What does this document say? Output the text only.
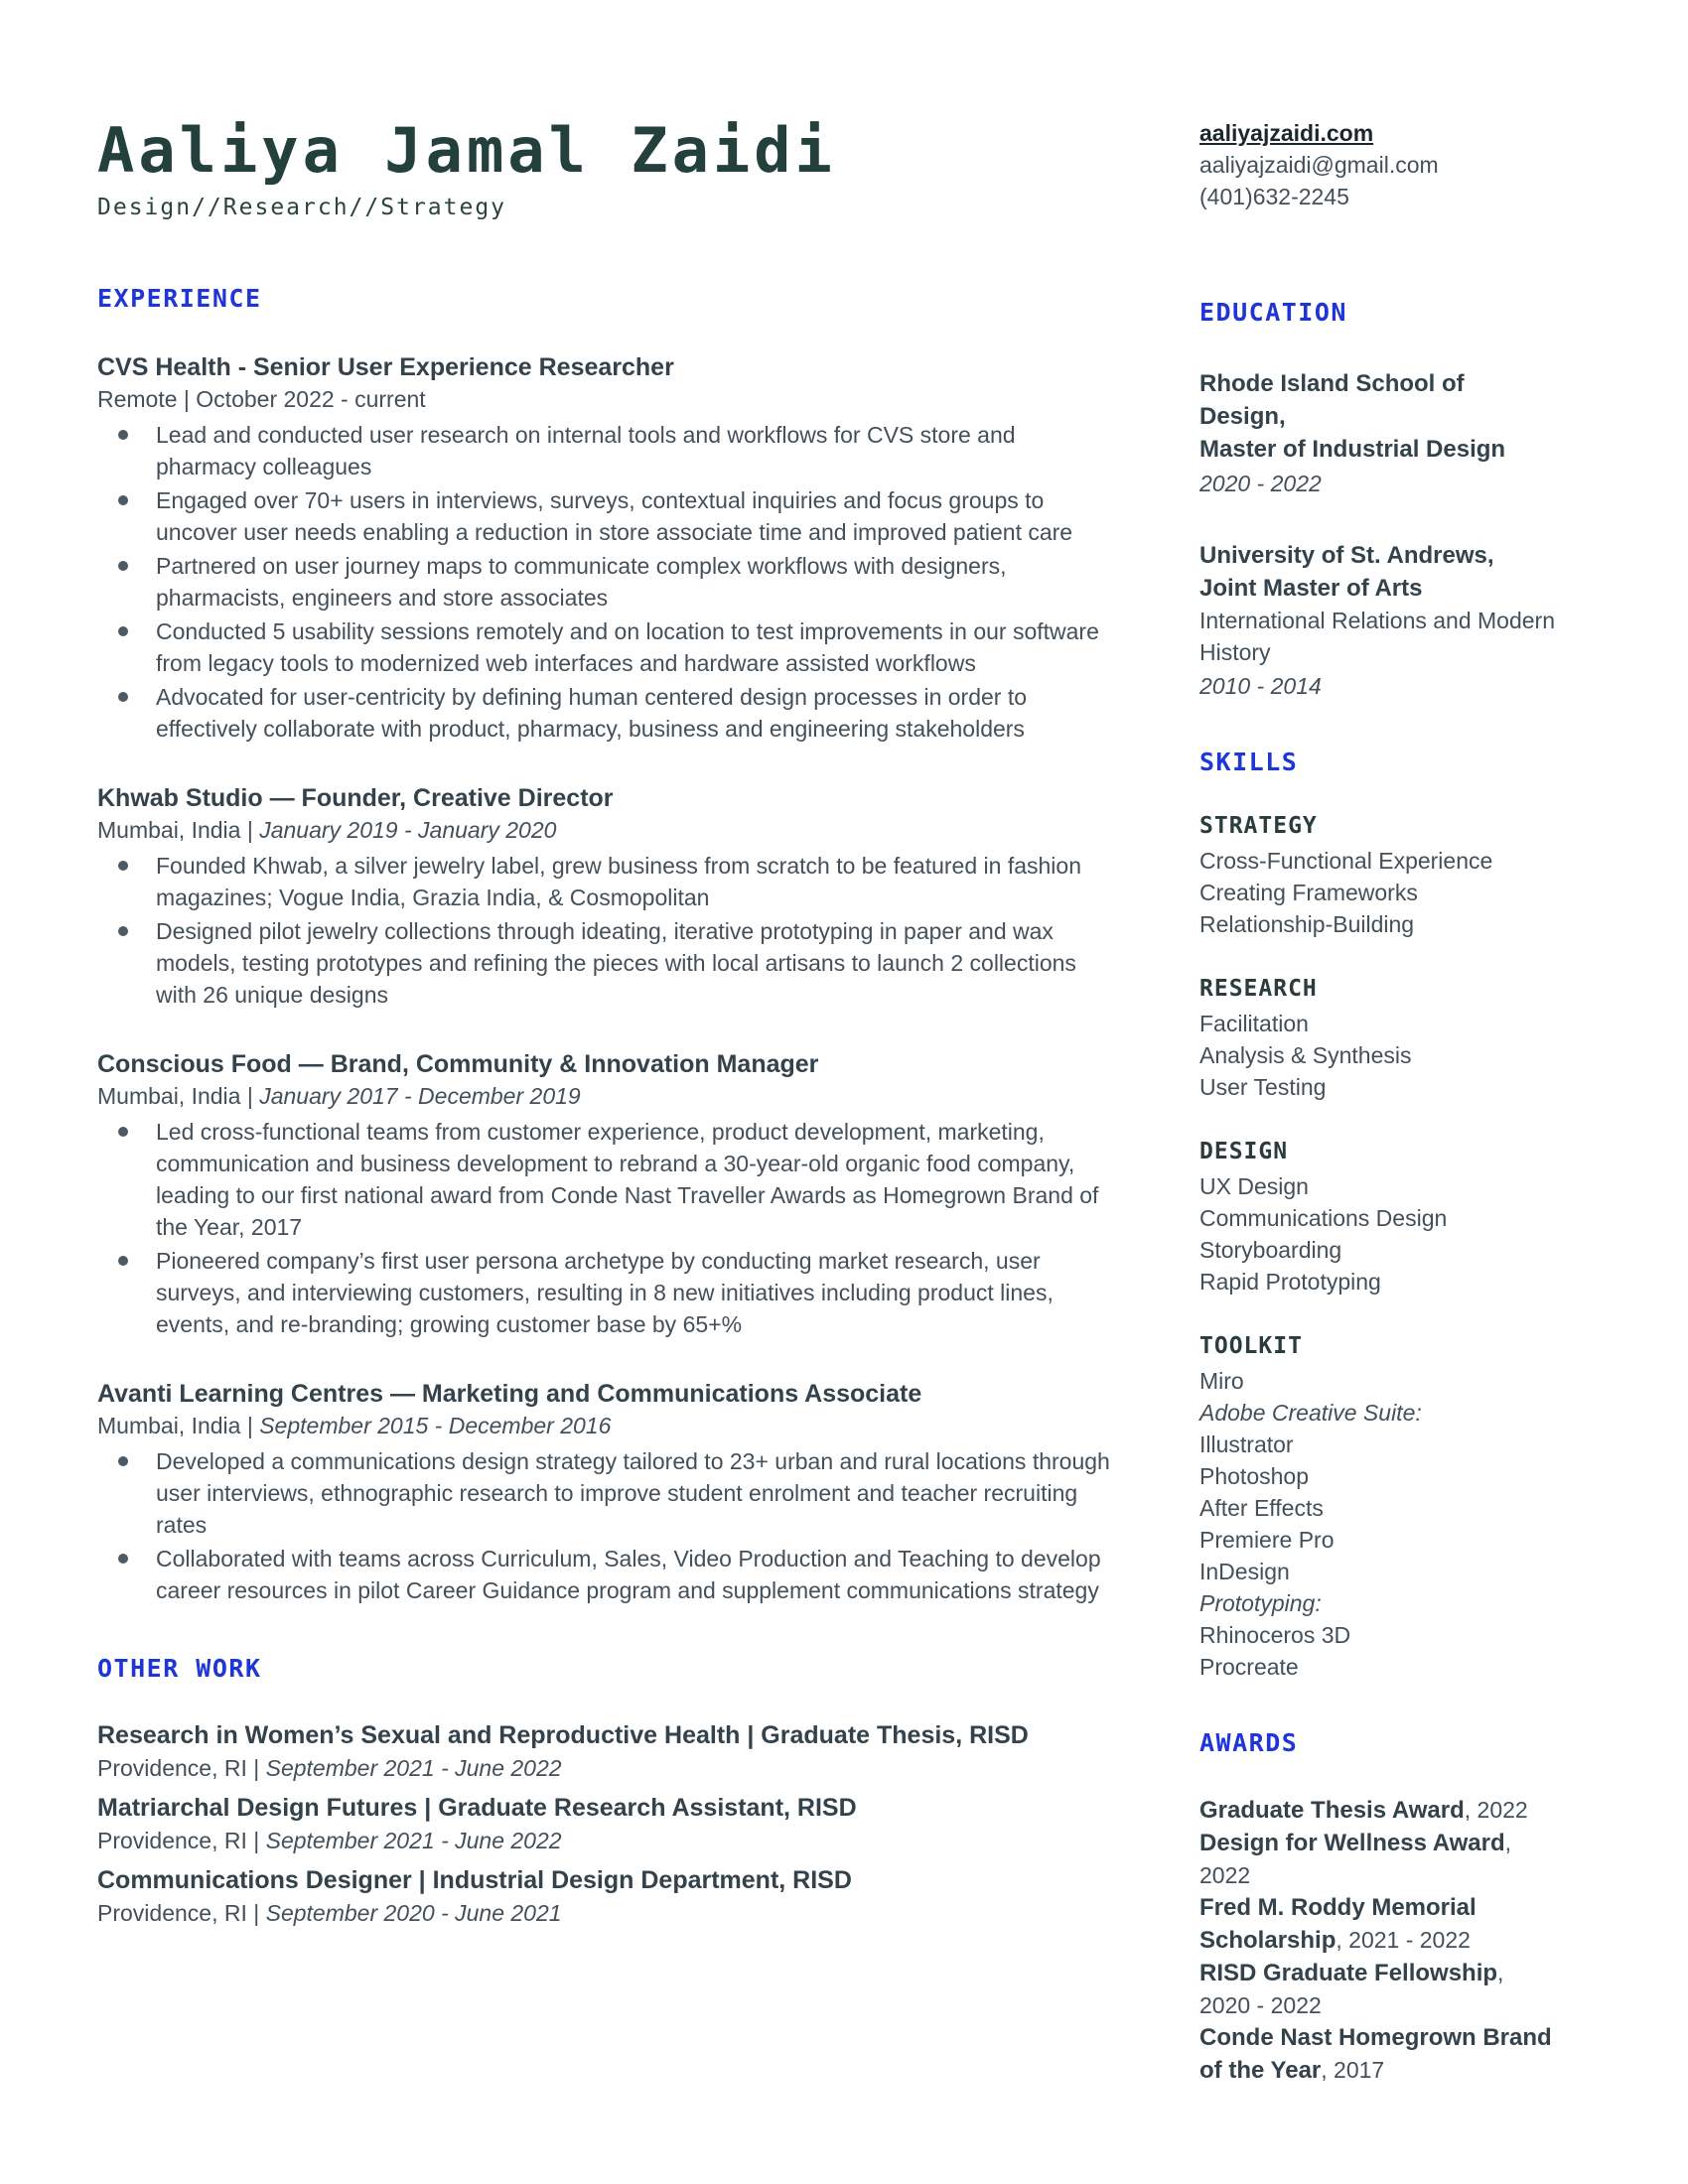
Aaliya Jamal Zaidi
Design//Research//Strategy
EXPERIENCE
CVS Health - Senior User Experience Researcher
Remote | October 2022 - current
Lead and conducted user research on internal tools and workflows for CVS store and pharmacy colleagues
Engaged over 70+ users in interviews, surveys, contextual inquiries and focus groups to uncover user needs enabling a reduction in store associate time and improved patient care
Partnered on user journey maps to communicate complex workflows with designers, pharmacists, engineers and store associates
Conducted 5 usability sessions remotely and on location to test improvements in our software from legacy tools to modernized web interfaces and hardware assisted workflows
Advocated for user-centricity by defining human centered design processes in order to effectively collaborate with product, pharmacy, business and engineering stakeholders
Khwab Studio — Founder, Creative Director
Mumbai, India | January 2019 - January 2020
Founded Khwab, a silver jewelry label, grew business from scratch to be featured in fashion magazines; Vogue India, Grazia India, & Cosmopolitan
Designed pilot jewelry collections through ideating, iterative prototyping in paper and wax models, testing prototypes and refining the pieces with local artisans to launch 2 collections with 26 unique designs
Conscious Food — Brand, Community & Innovation Manager
Mumbai, India | January 2017 - December 2019
Led cross-functional teams from customer experience, product development, marketing, communication and business development to rebrand a 30-year-old organic food company, leading to our first national award from Conde Nast Traveller Awards as Homegrown Brand of the Year, 2017
Pioneered company’s first user persona archetype by conducting market research, user surveys, and interviewing customers, resulting in 8 new initiatives including product lines, events, and re-branding; growing customer base by 65+%
Avanti Learning Centres — Marketing and Communications Associate
Mumbai, India | September 2015 - December 2016
Developed a communications design strategy tailored to 23+ urban and rural locations through user interviews, ethnographic research to improve student enrolment and teacher recruiting rates
Collaborated with teams across Curriculum, Sales, Video Production and Teaching to develop career resources in pilot Career Guidance program and supplement communications strategy
OTHER WORK
Research in Women’s Sexual and Reproductive Health | Graduate Thesis, RISD
Providence, RI | September 2021 - June 2022
Matriarchal Design Futures | Graduate Research Assistant, RISD
Providence, RI | September 2021 - June 2022
Communications Designer | Industrial Design Department, RISD
Providence, RI | September 2020 - June 2021
aaliyajzaidi.com
aaliyajzaidi@gmail.com
(401)632-2245
EDUCATION
Rhode Island School of Design,
Master of Industrial Design
2020 - 2022
University of St. Andrews,
Joint Master of Arts
International Relations and Modern History
2010 - 2014
SKILLS
STRATEGY
Cross-Functional Experience
Creating Frameworks
Relationship-Building
RESEARCH
Facilitation
Analysis & Synthesis
User Testing
DESIGN
UX Design
Communications Design
Storyboarding
Rapid Prototyping
TOOLKIT
Miro
Adobe Creative Suite:
Illustrator
Photoshop
After Effects
Premiere Pro
InDesign
Prototyping:
Rhinoceros 3D
Procreate
AWARDS
Graduate Thesis Award, 2022
Design for Wellness Award, 2022
Fred M. Roddy Memorial Scholarship, 2021 - 2022
RISD Graduate Fellowship, 2020 - 2022
Conde Nast Homegrown Brand of the Year, 2017
